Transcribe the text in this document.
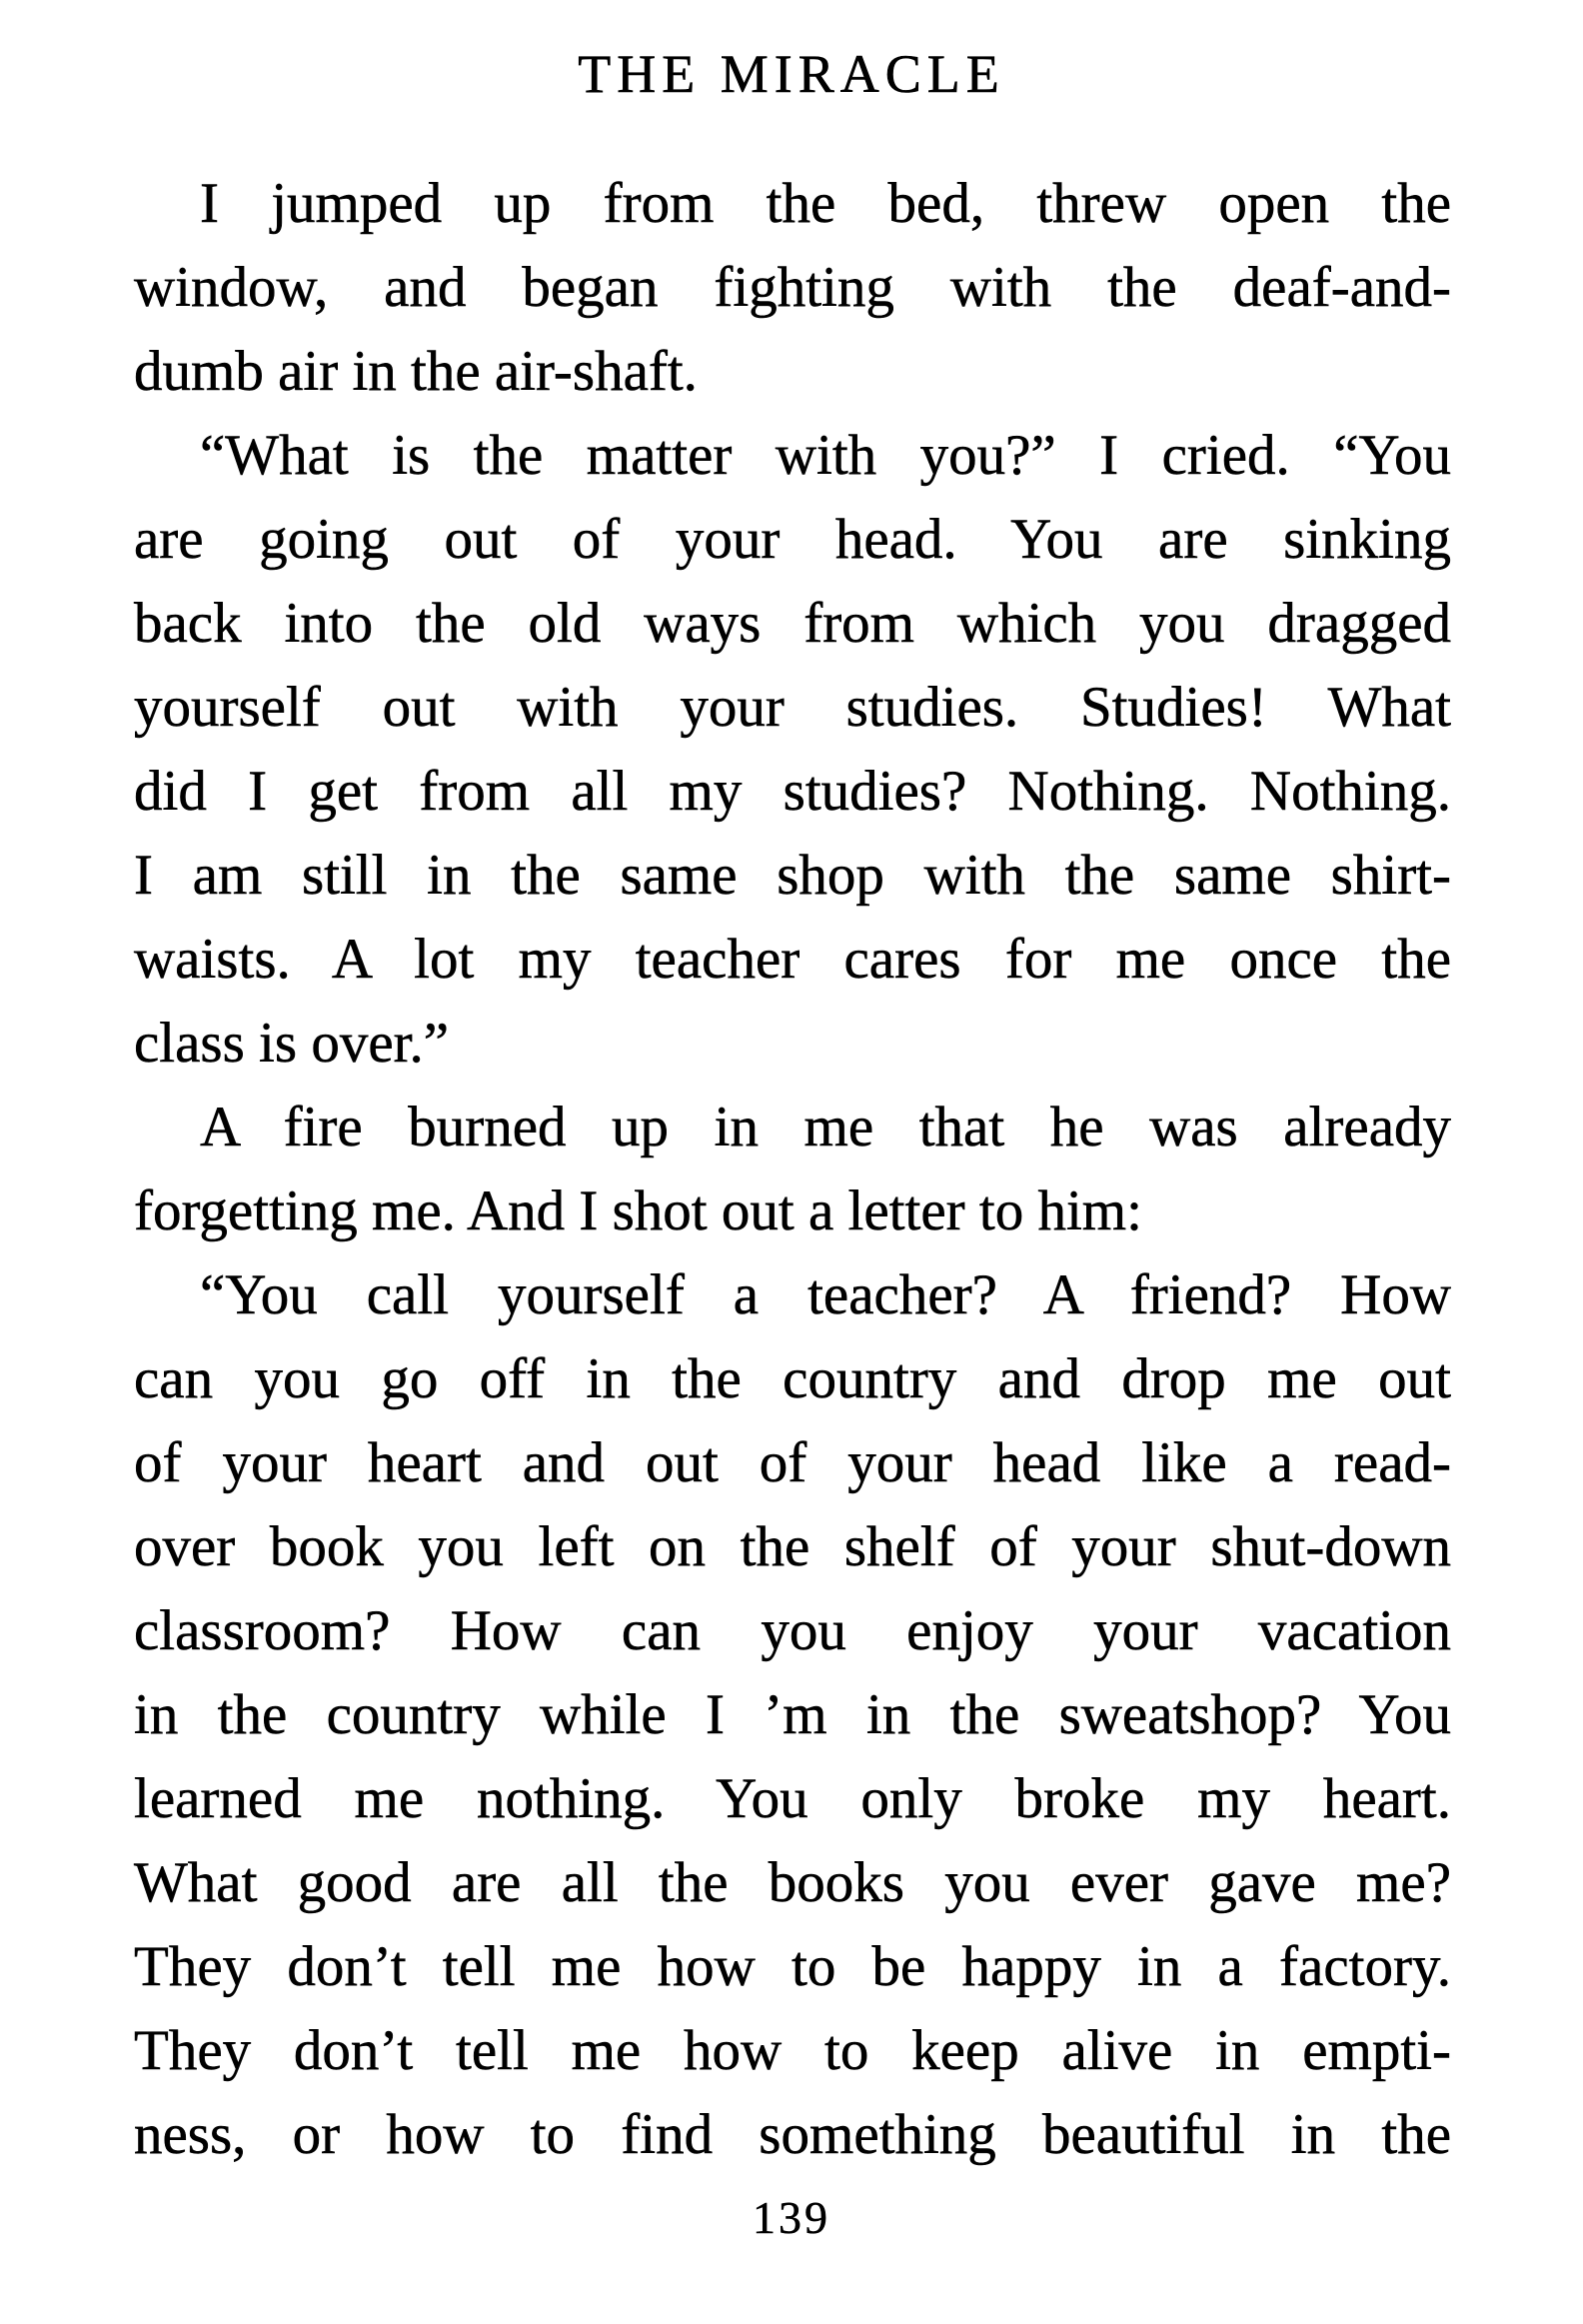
THE MIRACLE
I jumped up from the bed, threw open the
window, and began fighting with the deaf-and-
dumb air in the air-shaft.
“What is the matter with you?” I cried. “You
are going out of your head. You are sinking
back into the old ways from which you dragged
yourself out with your studies. Studies! What
did I get from all my studies? Nothing. Nothing.
I am still in the same shop with the same shirt-
waists. A lot my teacher cares for me once the
class is over.”
A fire burned up in me that he was already
forgetting me. And I shot out a letter to him:
“You call yourself a teacher? A friend? How
can you go off in the country and drop me out
of your heart and out of your head like a read-
over book you left on the shelf of your shut-down
classroom? How can you enjoy your vacation
in the country while I ’m in the sweatshop? You
learned me nothing. You only broke my heart.
What good are all the books you ever gave me?
They don’t tell me how to be happy in a factory.
They don’t tell me how to keep alive in empti-
ness, or how to find something beautiful in the
139
